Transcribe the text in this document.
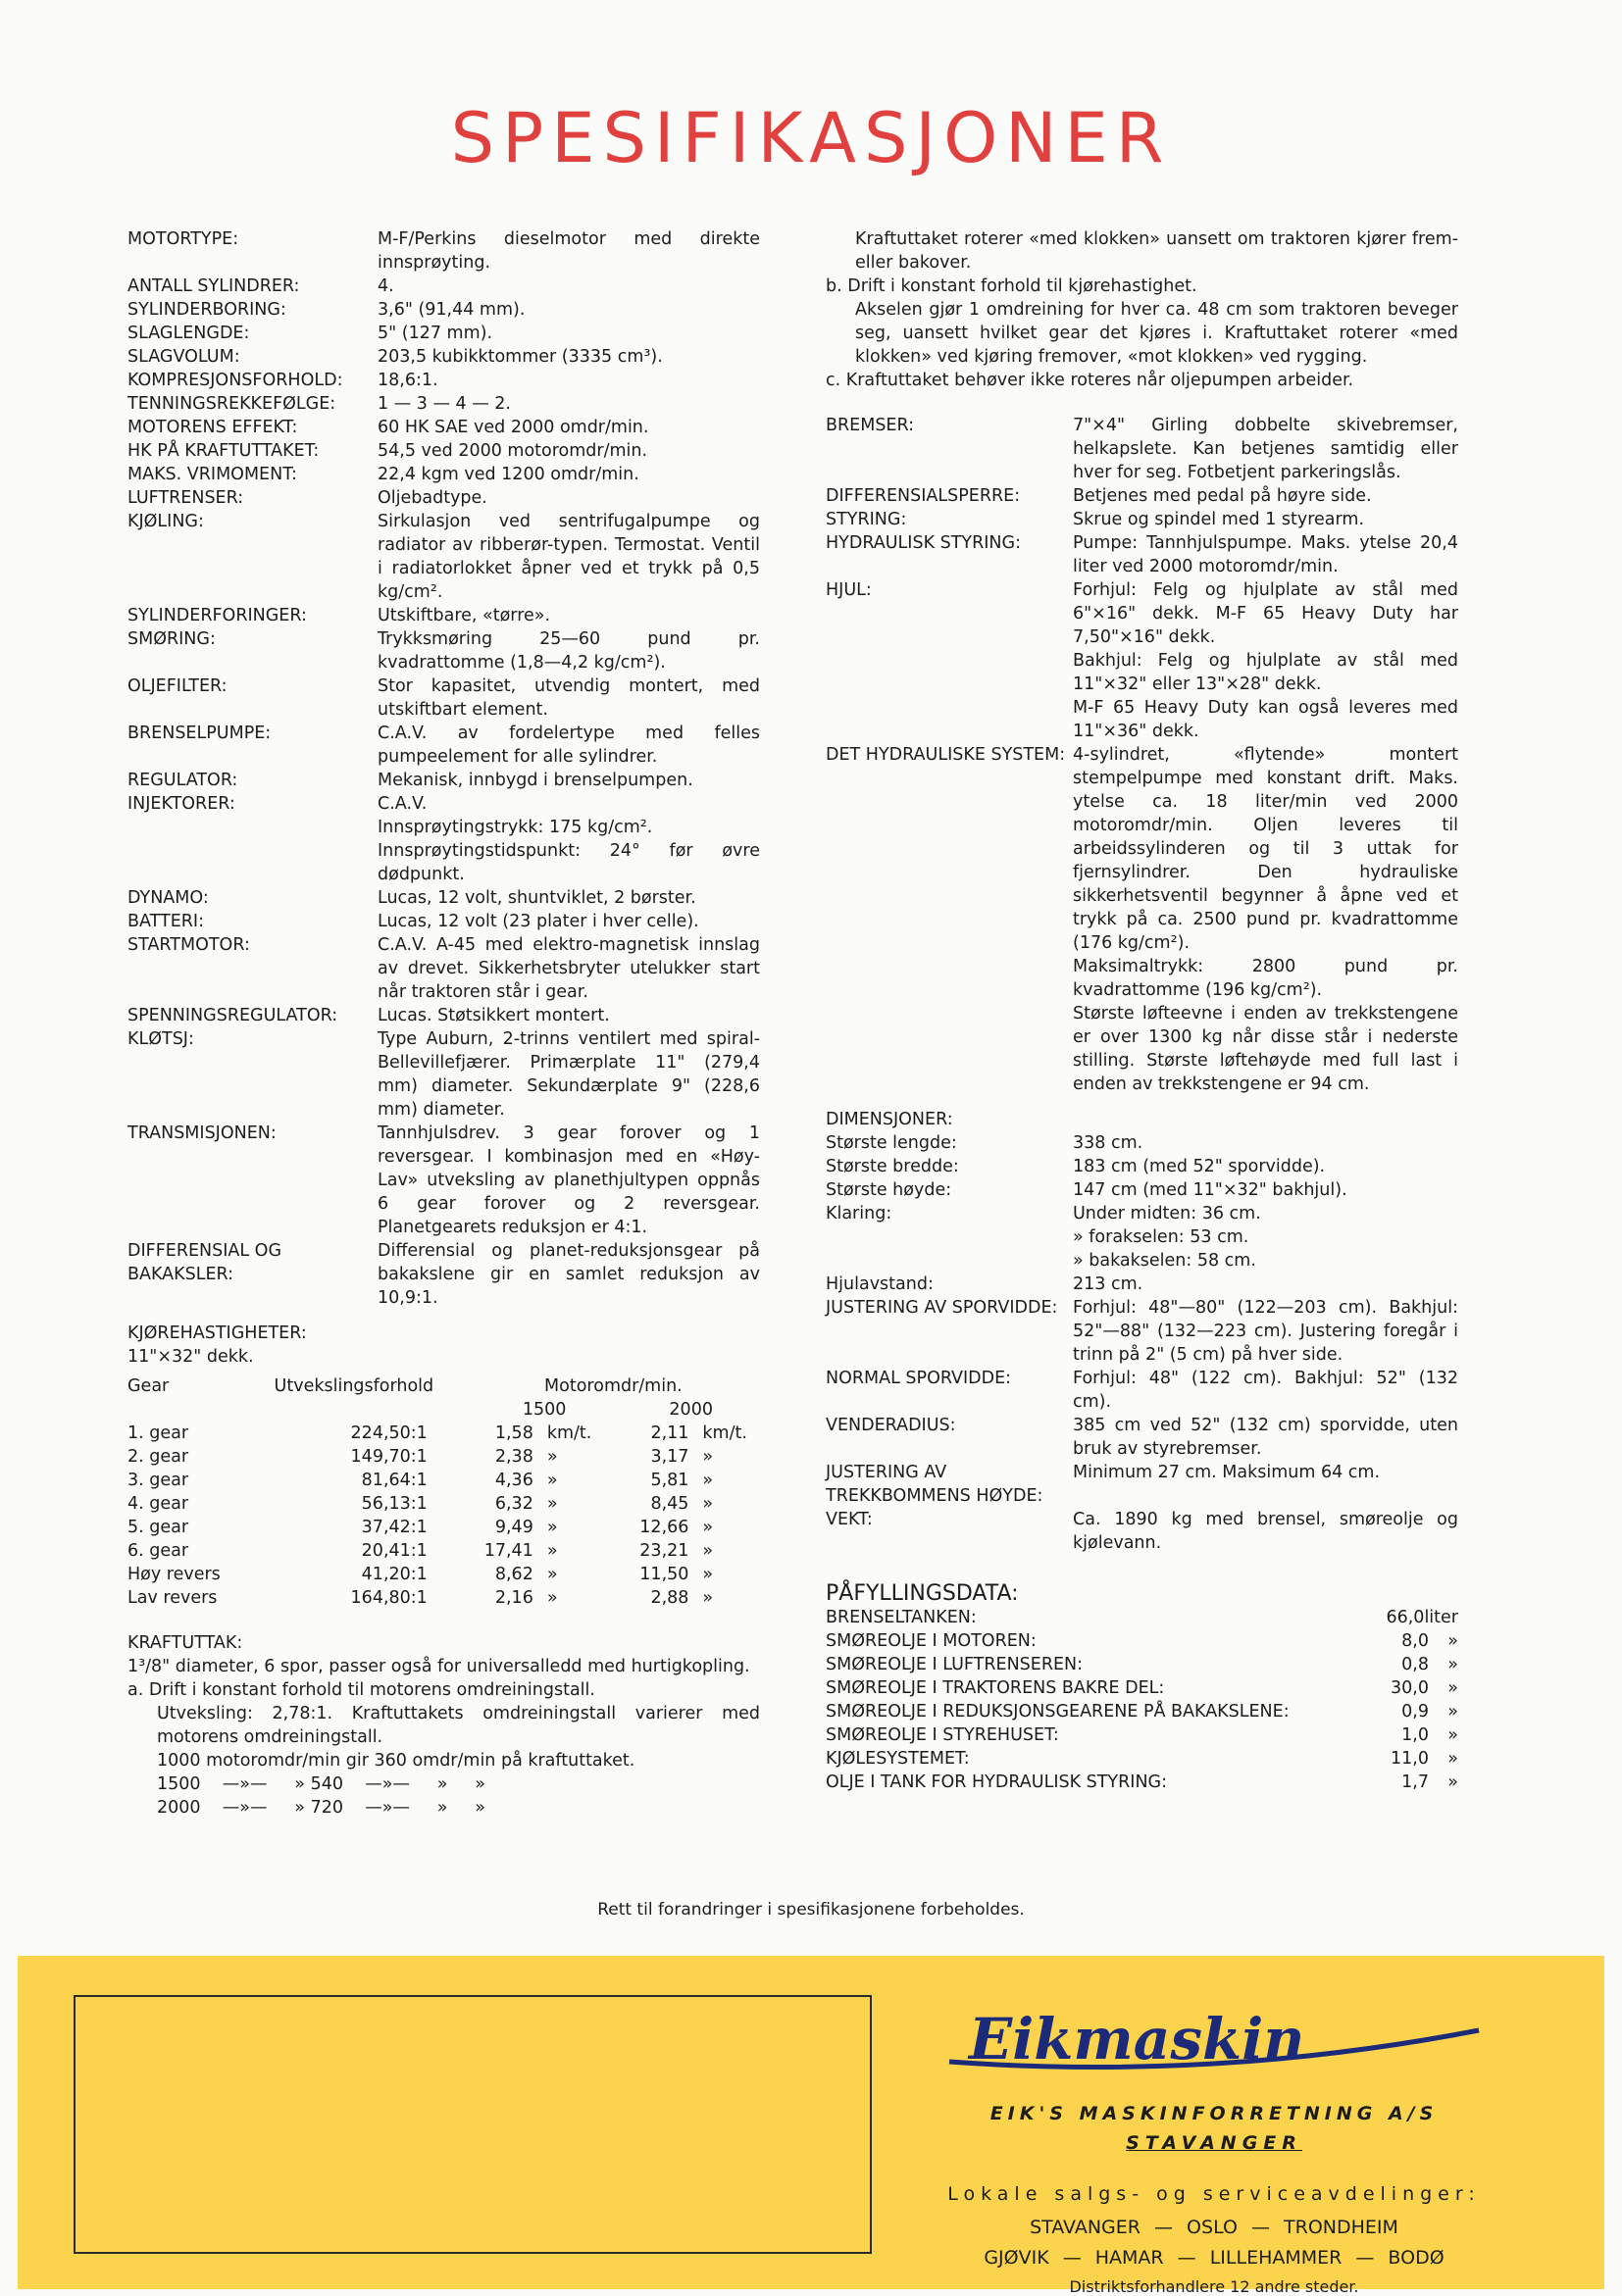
SPESIFIKASJONER
MOTORTYPE:	M-F/Perkins dieselmotor med direkte innsprøyting.
ANTALL SYLINDRER:	4.
SYLINDERBORING:	3,6" (91,44 mm).
SLAGLENGDE:	5" (127 mm).
SLAGVOLUM:	203,5 kubikktommer (3335 cm³).
KOMPRESJONSFORHOLD:	18,6:1.
TENNINGSREKKEFØLGE:	1 — 3 — 4 — 2.
MOTORENS EFFEKT:	60 HK SAE ved 2000 omdr/min.
HK PÅ KRAFTUTTAKET:	54,5 ved 2000 motoromdr/min.
MAKS. VRIMOMENT:	22,4 kgm ved 1200 omdr/min.
LUFTRENSER:	Oljebadtype.
KJØLING:	Sirkulasjon ved sentrifugalpumpe og radiator av ribberør-typen. Termostat. Ventil i radiatorlokket åpner ved et trykk på 0,5 kg/cm².
SYLINDERFORINGER:	Utskiftbare, «tørre».
SMØRING:	Trykksmøring 25—60 pund pr. kvadrattomme (1,8—4,2 kg/cm²).
OLJEFILTER:	Stor kapasitet, utvendig montert, med utskiftbart element.
BRENSELPUMPE:	C.A.V. av fordelertype med felles pumpeelement for alle sylindrer.
REGULATOR:	Mekanisk, innbygd i brenselpumpen.
INJEKTORER:	C.A.V.
Innsprøytingstrykk: 175 kg/cm².
Innsprøytingstidspunkt: 24° før øvre dødpunkt.
DYNAMO:	Lucas, 12 volt, shuntviklet, 2 børster.
BATTERI:	Lucas, 12 volt (23 plater i hver celle).
STARTMOTOR:	C.A.V. A-45 med elektro-magnetisk innslag av drevet. Sikkerhetsbryter utelukker start når traktoren står i gear.
SPENNINGSREGULATOR:	Lucas. Støtsikkert montert.
KLØTSJ:	Type Auburn, 2-trinns ventilert med spiral-Bellevillefjærer. Primærplate 11" (279,4 mm) diameter. Sekundærplate 9" (228,6 mm) diameter.
TRANSMISJONEN:	Tannhjulsdrev. 3 gear forover og 1 reversgear. I kombinasjon med en «Høy-Lav» utveksling av planethjultypen oppnås 6 gear forover og 2 reversgear. Planetgearets reduksjon er 4:1.
DIFFERENSIAL OG BAKAKSLER:
Differensial og planet-reduksjonsgear på bakakslene gir en samlet reduksjon av 10,9:1.
KJØREHASTIGHETER:
11"×32" dekk.
Gear	Utvekslingsforhold	Motoromdr/min.			
		1500		2000	
1. gear	224,50:1	1,58	km/t.	2,11	km/t.
2. gear	149,70:1	2,38	»	3,17	»
3. gear	81,64:1	4,36	»	5,81	»
4. gear	56,13:1	6,32	»	8,45	»
5. gear	37,42:1	9,49	»	12,66	»
6. gear	20,41:1	17,41	»	23,21	»
Høy revers	41,20:1	8,62	»	11,50	»
Lav revers	164,80:1	2,16	»	2,88	»
KRAFTUTTAK:
1³/8" diameter, 6 spor, passer også for universalledd med hurtigkopling.
a. Drift i konstant forhold til motorens omdreiningstall.
Utveksling: 2,78:1. Kraftuttakets omdreiningstall varierer med motorens omdreiningstall.
1000 motoromdr/min gir 360 omdr/min på kraftuttaket.
1500    —»—     » 540    —»—     »     »
2000    —»—     » 720    —»—     »     »
Kraftuttaket roterer «med klokken» uansett om traktoren kjører frem- eller bakover.
b. Drift i konstant forhold til kjørehastighet.
Akselen gjør 1 omdreining for hver ca. 48 cm som traktoren beveger seg, uansett hvilket gear det kjøres i. Kraftuttaket roterer «med klokken» ved kjøring fremover, «mot klokken» ved rygging.
c. Kraftuttaket behøver ikke roteres når oljepumpen arbeider.
BREMSER:	7"×4" Girling dobbelte skivebremser, helkapslete. Kan betjenes samtidig eller hver for seg. Fotbetjent parkeringslås.
DIFFERENSIALSPERRE:	Betjenes med pedal på høyre side.
STYRING:	Skrue og spindel med 1 styrearm.
HYDRAULISK STYRING:	Pumpe: Tannhjulspumpe. Maks. ytelse 20,4 liter ved 2000 motoromdr/min.
HJUL:	Forhjul: Felg og hjulplate av stål med 6"×16" dekk. M-F 65 Heavy Duty har 7,50"×16" dekk.
Bakhjul: Felg og hjulplate av stål med 11"×32" eller 13"×28" dekk.
M-F 65 Heavy Duty kan også leveres med 11"×36" dekk.
DET HYDRAULISKE SYSTEM: 4-sylindret, «flytende» montert stempelpumpe med konstant drift. Maks. ytelse ca. 18 liter/min ved 2000 motoromdr/min. Oljen leveres til arbeidssylinderen og til 3 uttak for fjernsylindrer. Den hydrauliske sikkerhetsventil begynner å åpne ved et trykk på ca. 2500 pund pr. kvadrattomme (176 kg/cm²).
Maksimaltrykk: 2800 pund pr. kvadrattomme (196 kg/cm²).
Største løfteevne i enden av trekkstengene er over 1300 kg når disse står i nederste stilling. Største løftehøyde med full last i enden av trekkstengene er 94 cm.
DIMENSJONER:
Største lengde:	338 cm.
Største bredde:	183 cm (med 52" sporvidde).
Største høyde:	147 cm (med 11"×32" bakhjul).
Klaring:	Under midten: 36 cm.
» forakselen: 53 cm.
» bakakselen: 58 cm.
Hjulavstand:	213 cm.
JUSTERING AV SPORVIDDE: Forhjul: 48"—80" (122—203 cm). Bakhjul: 52"—88" (132—223 cm). Justering foregår i trinn på 2" (5 cm) på hver side.
NORMAL SPORVIDDE:	Forhjul: 48" (122 cm). Bakhjul: 52" (132 cm).
VENDERADIUS:	385 cm ved 52" (132 cm) sporvidde, uten bruk av styrebremser.
JUSTERING AV TREKKBOMMENS HØYDE:
Minimum 27 cm. Maksimum 64 cm.
VEKT:	Ca. 1890 kg med brensel, smøreolje og kjølevann.
PÅFYLLINGSDATA:
BRENSELTANKEN:	66,0 liter
SMØREOLJE I MOTOREN:	8,0	»
SMØREOLJE I LUFTRENSEREN:	0,8	»
SMØREOLJE I TRAKTORENS BAKRE DEL:	30,0	»
SMØREOLJE I REDUKSJONSGEARENE PÅ BAKAKSLENE:	0,9	»
SMØREOLJE I STYREHUSET:	1,0	»
KJØLESYSTEMET:	11,0	»
OLJE I TANK FOR HYDRAULISK STYRING:	1,7	»
Rett til forandringer i spesifikasjonene forbeholdes.
Eikmaskin
EIK'S MASKINFORRETNING A/S
STAVANGER
Lokale salgs- og serviceavdelinger:
STAVANGER — OSLO — TRONDHEIM
GJØVIK — HAMAR — LILLEHAMMER — BODØ
Distriktsforhandlere 12 andre steder.
